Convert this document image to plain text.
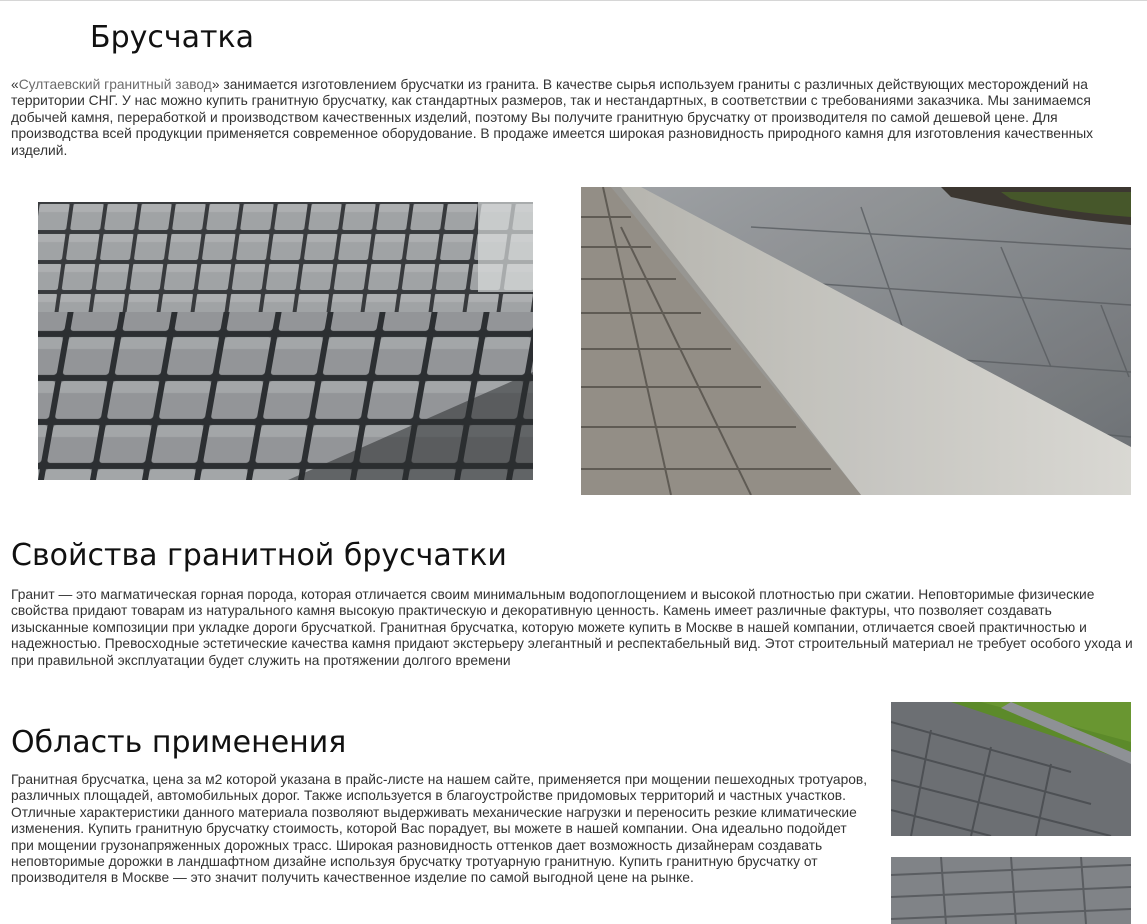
Брусчатка

«Султаевский гранитный завод» занимается изготовлением брусчатки из гранита. В качестве сырья используем граниты с различных действующих месторождений на территории СНГ. У нас можно купить гранитную брусчатку, как стандартных размеров, так и нестандартных, в соответствии с требованиями заказчика. Мы занимаемся добычей камня, переработкой и производством качественных изделий, поэтому Вы получите гранитную брусчатку от производителя по самой дешевой цене. Для производства всей продукции применяется современное оборудование. В продаже имеется широкая разновидность природного камня для изготовления качественных изделий.

Свойства гранитной брусчатки

Гранит — это магматическая горная порода, которая отличается своим минимальным водопоглощением и высокой плотностью при сжатии. Неповторимые физические свойства придают товарам из натурального камня высокую практическую и декоративную ценность. Камень имеет различные фактуры, что позволяет создавать изысканные композиции при укладке дороги брусчаткой. Гранитная брусчатка, которую можете купить в Москве в нашей компании, отличается своей практичностью и надежностью. Превосходные эстетические качества камня придают экстерьеру элегантный и респектабельный вид. Этот строительный материал не требует особого ухода и при правильной эксплуатации будет служить на протяжении долгого времени

Область применения

Гранитная брусчатка, цена за м2 которой указана в прайс-листе на нашем сайте, применяется при мощении пешеходных тротуаров, различных площадей, автомобильных дорог. Также используется в благоустройстве придомовых территорий и частных участков. Отличные характеристики данного материала позволяют выдерживать механические нагрузки и переносить резкие климатические изменения. Купить гранитную брусчатку стоимость, которой Вас порадует, вы можете в нашей компании. Она идеально подойдет при мощении грузонапряженных дорожных трасс. Широкая разновидность оттенков дает возможность дизайнерам создавать неповторимые дорожки в ландшафтном дизайне используя брусчатку тротуарную гранитную. Купить гранитную брусчатку от производителя в Москве — это значит получить качественное изделие по самой выгодной цене на рынке.
